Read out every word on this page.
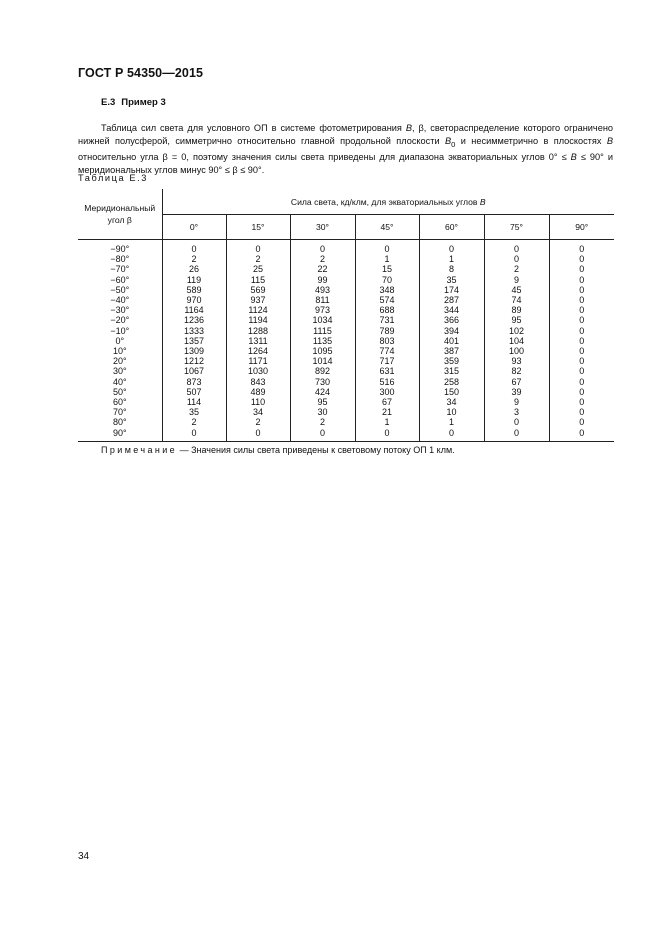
ГОСТ Р 54350—2015
Е.3 Пример 3

Таблица сил света для условного ОП в системе фотометрирования B, β, светораспределение которого ограничено нижней полусферой, симметрично относительно главной продольной плоскости $B_0$ и несимметрично в плоскостях B относительно угла β = 0, поэтому значения силы света приведены для диапазона экваториальных углов 0° ≤ B ≤ 90° и меридиональных углов минус 90° ≤ β ≤ 90°.

Таблица Е.3
Меридиональный угол β	Сила света, кд/клм, для экваториальных углов B						
	0°	15°	30°	45°	60°	75°	90°
−90°	0	0	0	0	0	0	0
−80°	2	2	2	1	1	0	0
−70°	26	25	22	15	8	2	0
−60°	119	115	99	70	35	9	0
−50°	589	569	493	348	174	45	0
−40°	970	937	811	574	287	74	0
−30°	1164	1124	973	688	344	89	0
−20°	1236	1194	1034	731	366	95	0
−10°	1333	1288	1115	789	394	102	0
0°	1357	1311	1135	803	401	104	0
10°	1309	1264	1095	774	387	100	0
20°	1212	1171	1014	717	359	93	0
30°	1067	1030	892	631	315	82	0
40°	873	843	730	516	258	67	0
50°	507	489	424	300	150	39	0
60°	114	110	95	67	34	9	0
70°	35	34	30	21	10	3	0
80°	2	2	2	1	1	0	0
90°	0	0	0	0	0	0	0
Примечание — Значения силы света приведены к световому потоку ОП 1 клм.							
34
